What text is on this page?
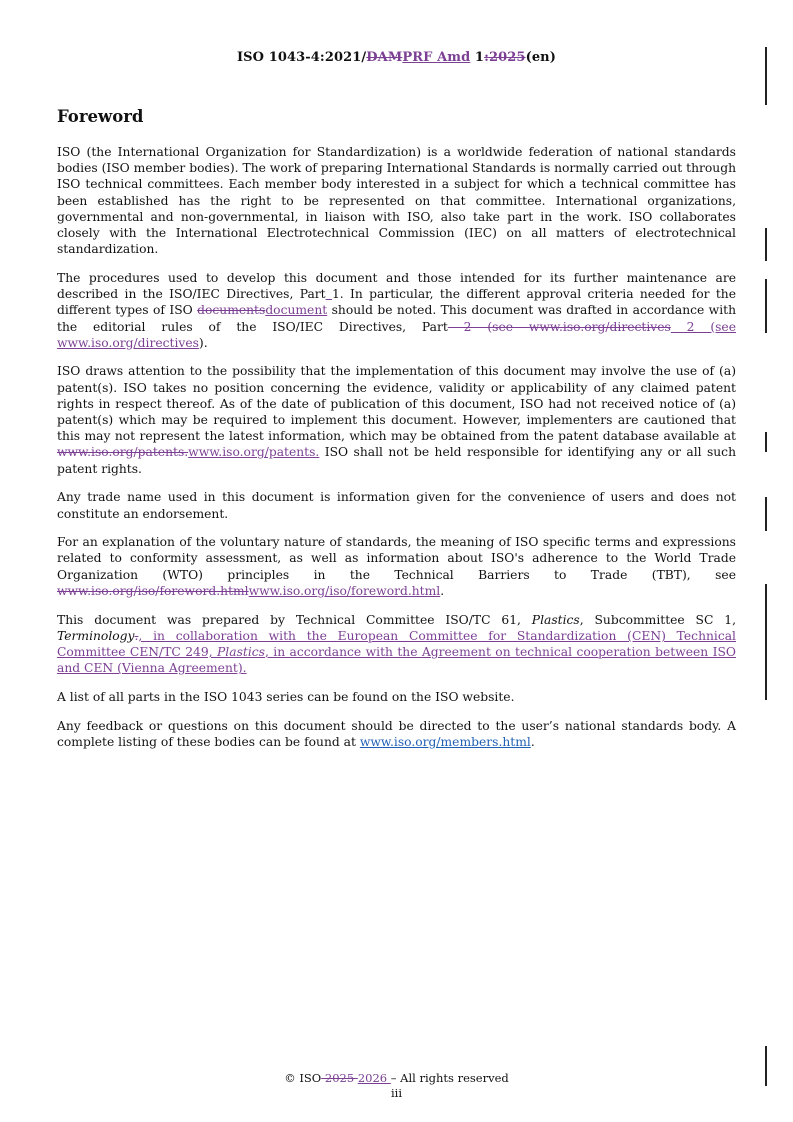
ISO 1043-4:2021/DAMPRF Amd 1:2025(en)
Foreword

ISO (the International Organization for Standardization) is a worldwide federation of national standards bodies (ISO member bodies). The work of preparing International Standards is normally carried out through ISO technical committees. Each member body interested in a subject for which a technical committee has been established has the right to be represented on that committee. International organizations, governmental and non-governmental, in liaison with ISO, also take part in the work. ISO collaborates closely with the International Electrotechnical Commission (IEC) on all matters of electrotechnical standardization.

The procedures used to develop this document and those intended for its further maintenance are described in the ISO/IEC Directives, Part 1. In particular, the different approval criteria needed for the different types of ISO documentsdocument should be noted. This document was drafted in accordance with the editorial rules of the ISO/IEC Directives, Part 2 (see www.iso.org/directives 2 (see www.iso.org/directives).

ISO draws attention to the possibility that the implementation of this document may involve the use of (a) patent(s). ISO takes no position concerning the evidence, validity or applicability of any claimed patent rights in respect thereof. As of the date of publication of this document, ISO had not received notice of (a) patent(s) which may be required to implement this document. However, implementers are cautioned that this may not represent the latest information, which may be obtained from the patent database available at www.iso.org/patents.www.iso.org/patents. ISO shall not be held responsible for identifying any or all such patent rights.

Any trade name used in this document is information given for the convenience of users and does not constitute an endorsement.

For an explanation of the voluntary nature of standards, the meaning of ISO specific terms and expressions related to conformity assessment, as well as information about ISO's adherence to the World Trade Organization (WTO) principles in the Technical Barriers to Trade (TBT), see www.iso.org/iso/foreword.htmlwww.iso.org/iso/foreword.html.

This document was prepared by Technical Committee ISO/TC 61, Plastics, Subcommittee SC 1, Terminology., in collaboration with the European Committee for Standardization (CEN) Technical Committee CEN/TC 249, Plastics, in accordance with the Agreement on technical cooperation between ISO and CEN (Vienna Agreement).

A list of all parts in the ISO 1043 series can be found on the ISO website.

Any feedback or questions on this document should be directed to the user’s national standards body. A complete listing of these bodies can be found at www.iso.org/members.html.

© ISO 2025 2026 – All rights reserved
iii
